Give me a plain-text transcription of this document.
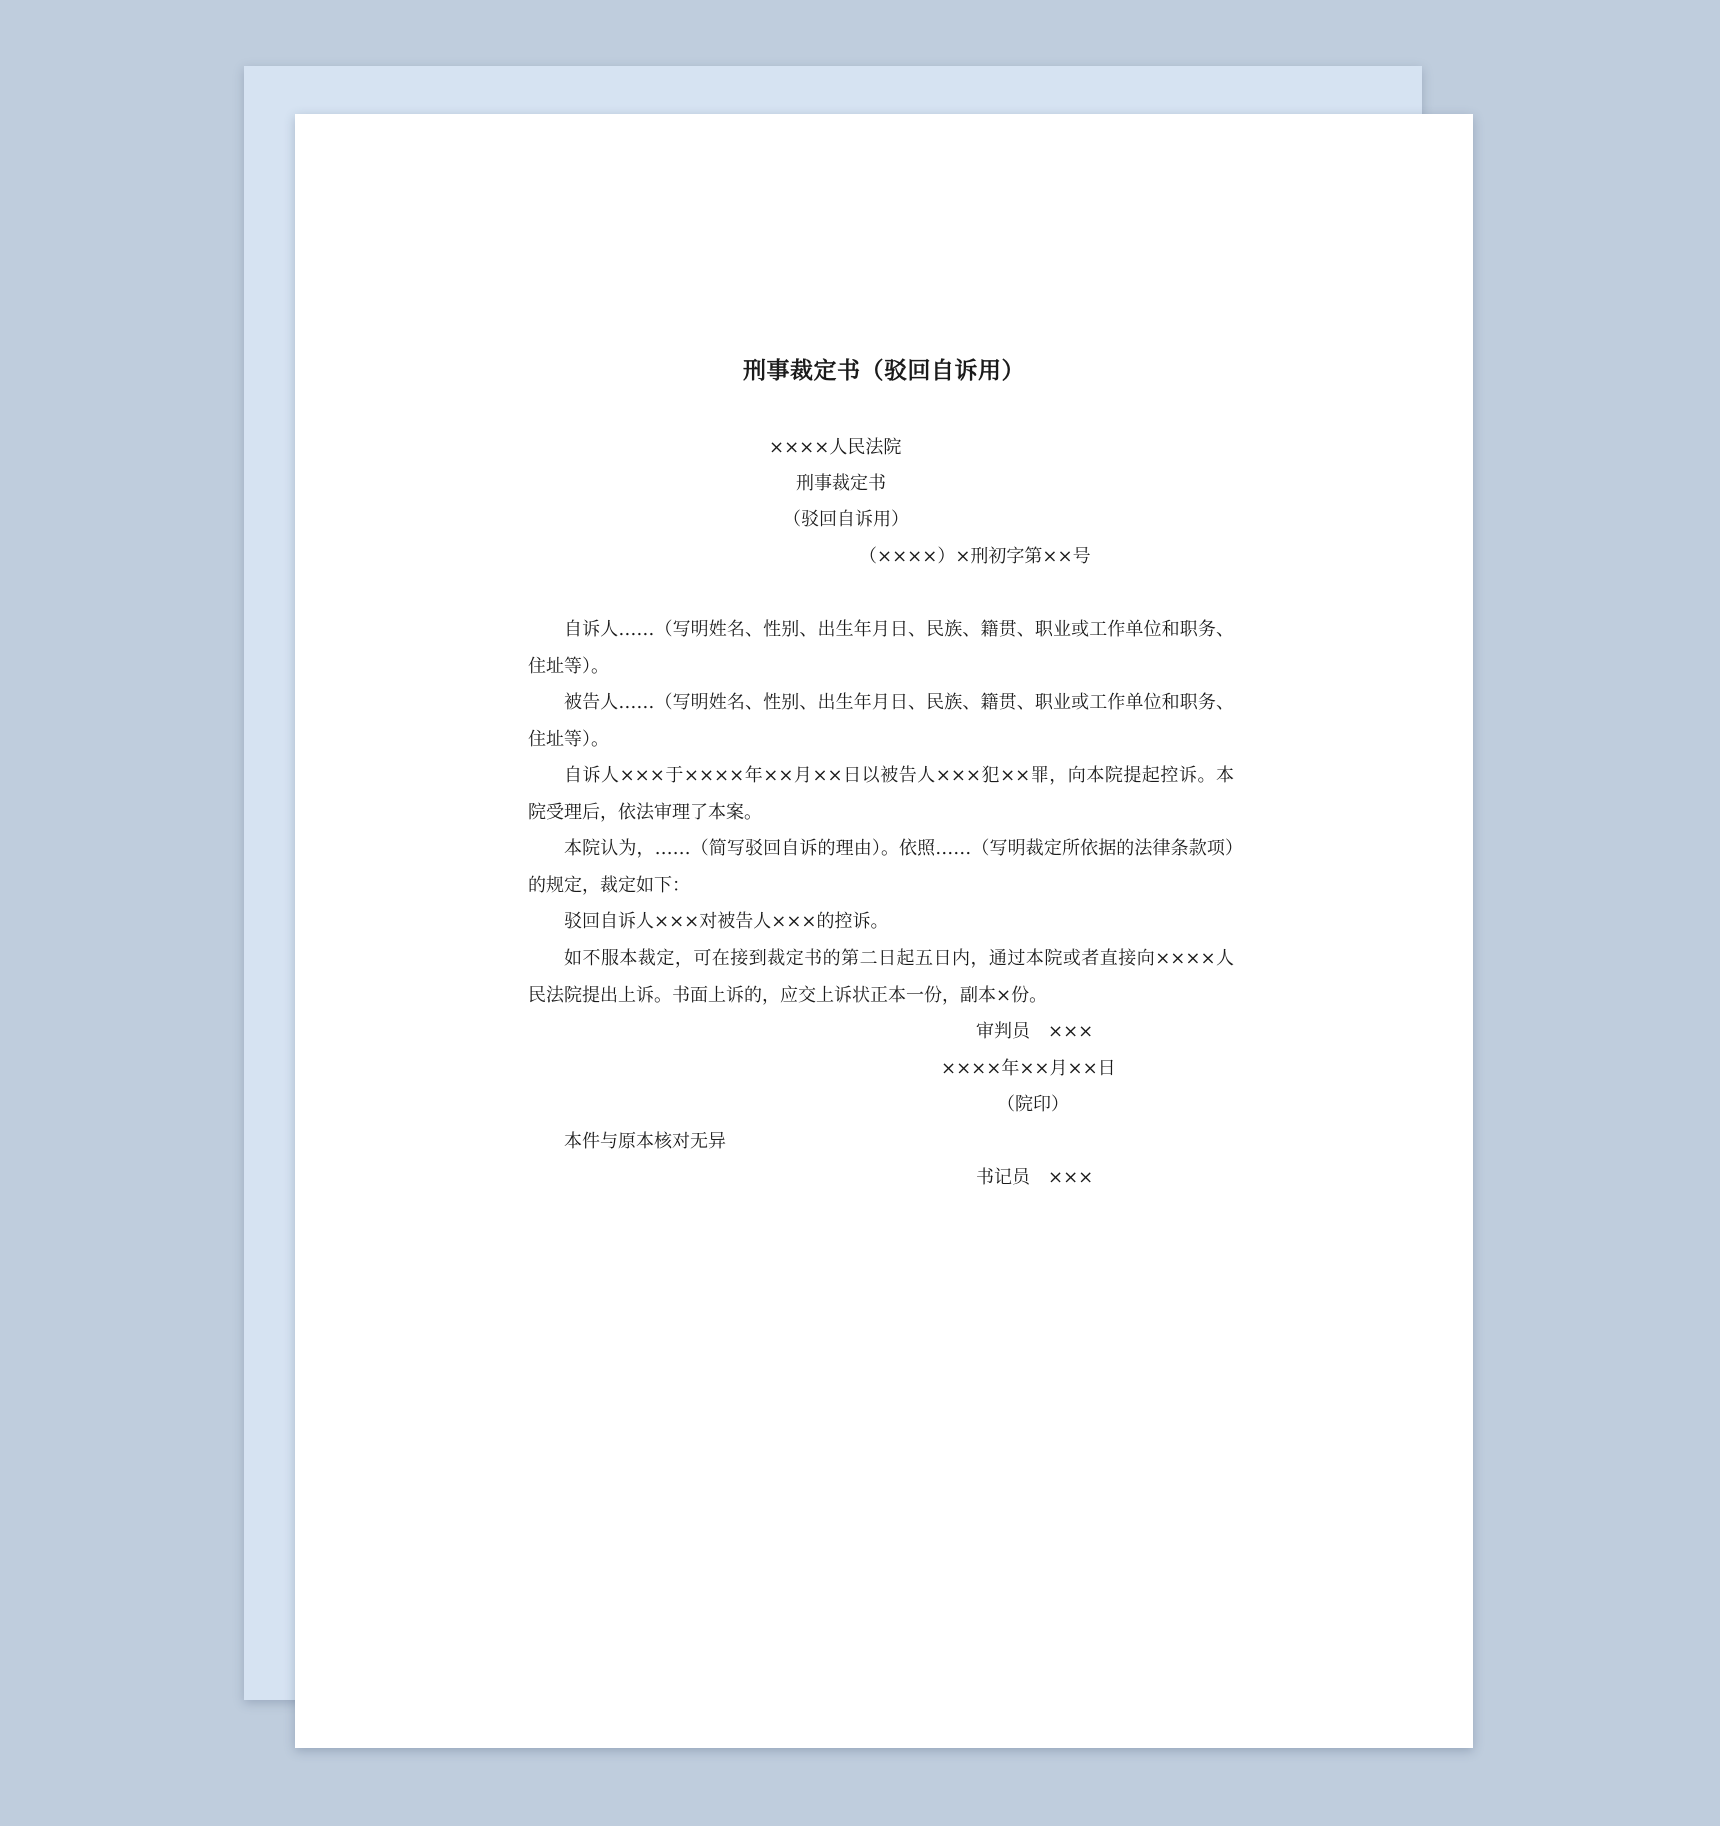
刑事裁定书（驳回自诉用）
××××人民法院
刑事裁定书
（驳回自诉用）
（××××）×刑初字第××号

自诉人……（写明姓名、性别、出生年月日、民族、籍贯、职业或工作单位和职务、住址等）。

被告人……（写明姓名、性别、出生年月日、民族、籍贯、职业或工作单位和职务、住址等）。

自诉人×××于××××年××月××日以被告人×××犯××罪，向本院提起控诉。本院受理后，依法审理了本案。

本院认为，……（简写驳回自诉的理由）。依照……（写明裁定所依据的法律条款项）的规定，裁定如下：

驳回自诉人×××对被告人×××的控诉。

如不服本裁定，可在接到裁定书的第二日起五日内，通过本院或者直接向××××人民法院提出上诉。书面上诉的，应交上诉状正本一份，副本×份。

审判员　×××
××××年××月××日
（院印）
本件与原本核对无异
书记员　×××
